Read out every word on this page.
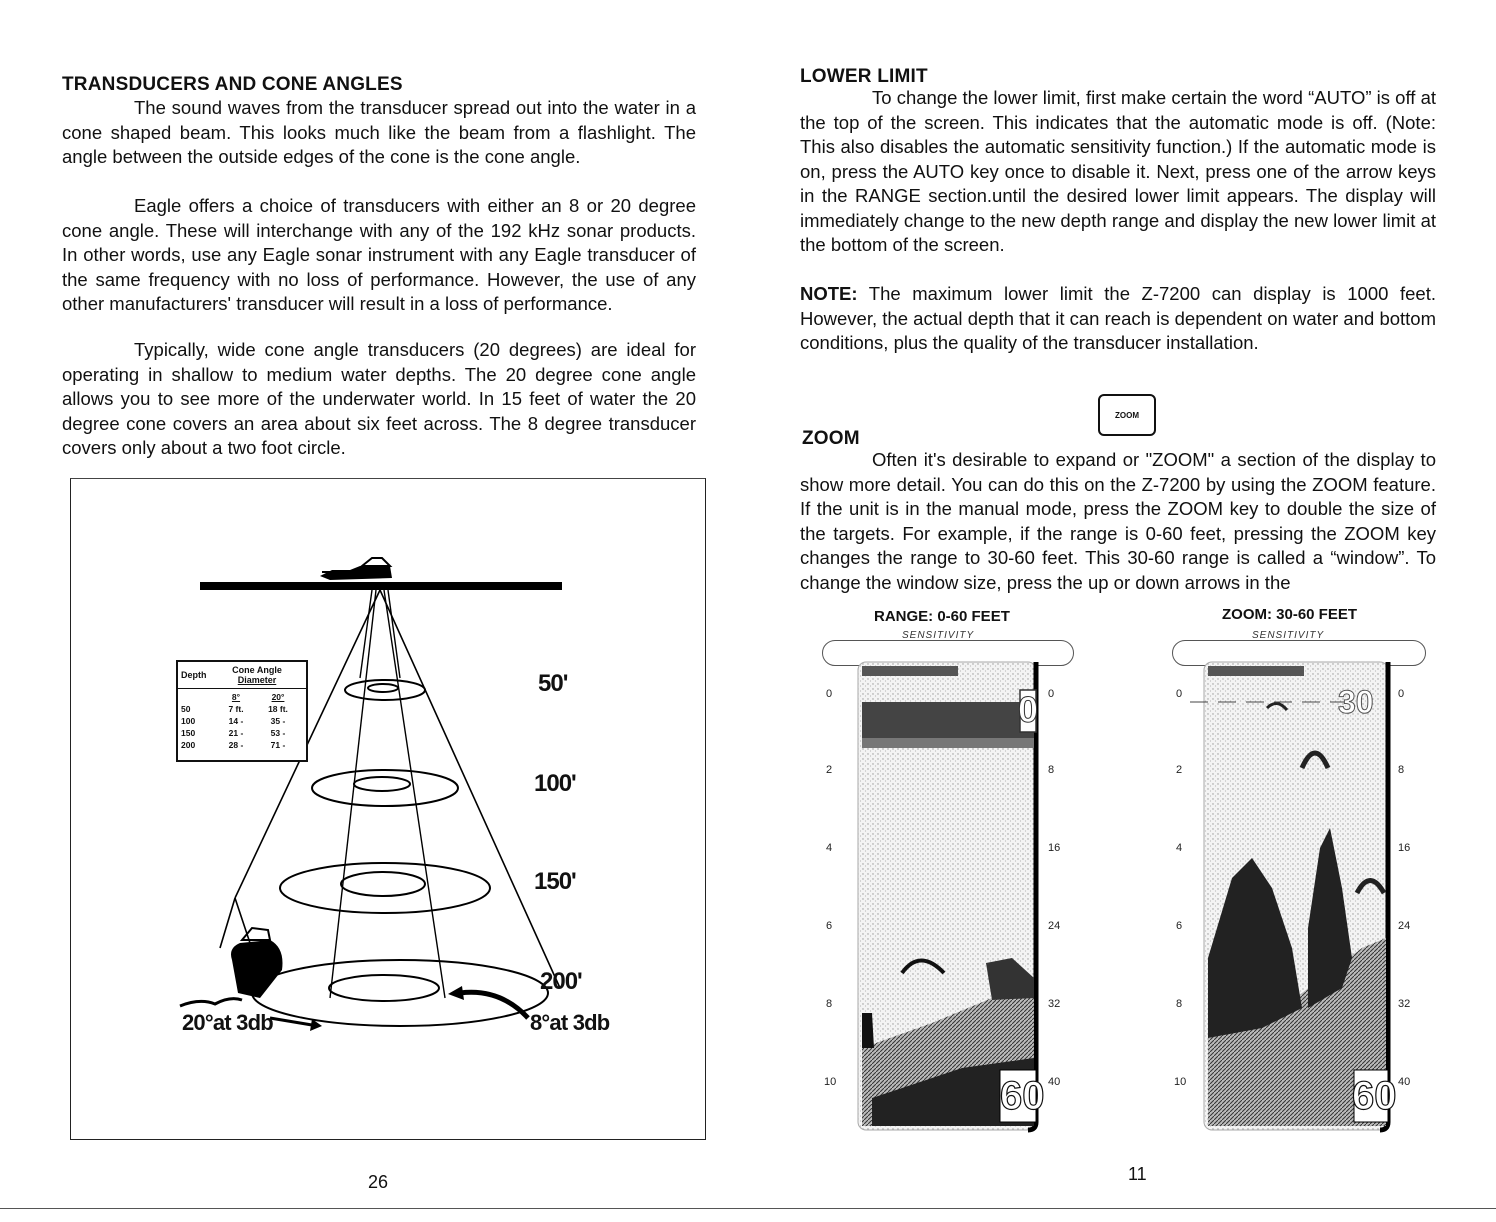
TRANSDUCERS AND CONE ANGLES
The sound waves from the transducer spread out into the water in a cone shaped beam. This looks much like the beam from a flashlight. The angle between the outside edges of the cone is the cone angle.
Eagle offers a choice of transducers with either an 8 or 20 degree cone angle. These will interchange with any of the 192 kHz sonar products. In other words, use any Eagle sonar instrument with any Eagle transducer of the same frequency with no loss of performance. However, the use of any other manufacturers' transducer will result in a loss of performance.
Typically, wide cone angle transducers (20 degrees) are ideal for operating in shallow to medium water depths. The 20 degree cone angle allows you to see more of the underwater world. In 15 feet of water the 20 degree cone covers an area about six feet across. The 8 degree transducer covers only about a two foot circle.
Depth	Cone Angle
Diameter
8°	20°
50	7 ft.	18 ft.
100	14 -	35 -
150	21 -	53 -
200	28 -	71 -
50'
100'
150'
200'
20°at 3db	8°at 3db
26
LOWER LIMIT
To change the lower limit, first make certain the word “AUTO” is off at the top of the screen. This indicates that the automatic mode is off. (Note: This also disables the automatic sensitivity function.) If the automatic mode is on, press the AUTO key once to disable it. Next, press one of the arrow keys in the RANGE section.until the desired lower limit appears. The display will immediately change to the new depth range and display the new lower limit at the bottom of the screen.
NOTE: The maximum lower limit the Z-7200 can display is 1000 feet. However, the actual depth that it can reach is dependent on water and bottom conditions, plus the quality of the transducer installation.
ZOOM
ZOOM
Often it's desirable to expand or "ZOOM" a section of the display to show more detail. You can do this on the Z-7200 by using the ZOOM feature. If the unit is in the manual mode, press the ZOOM key to double the size of the targets. For example, if the range is 0-60 feet, pressing the ZOOM key changes the range to 30-60 feet. This 30-60 range is called a “window”. To change the window size, press the up or down arrows in the
RANGE: 0-60 FEET
SENSITIVITY
0
2
4
6
8
10
0
8
16
24
32
40
0
60
ZOOM: 30-60 FEET
SENSITIVITY
0
2
4
6
8
10
0
8
16
24
32
40
30
60
11
